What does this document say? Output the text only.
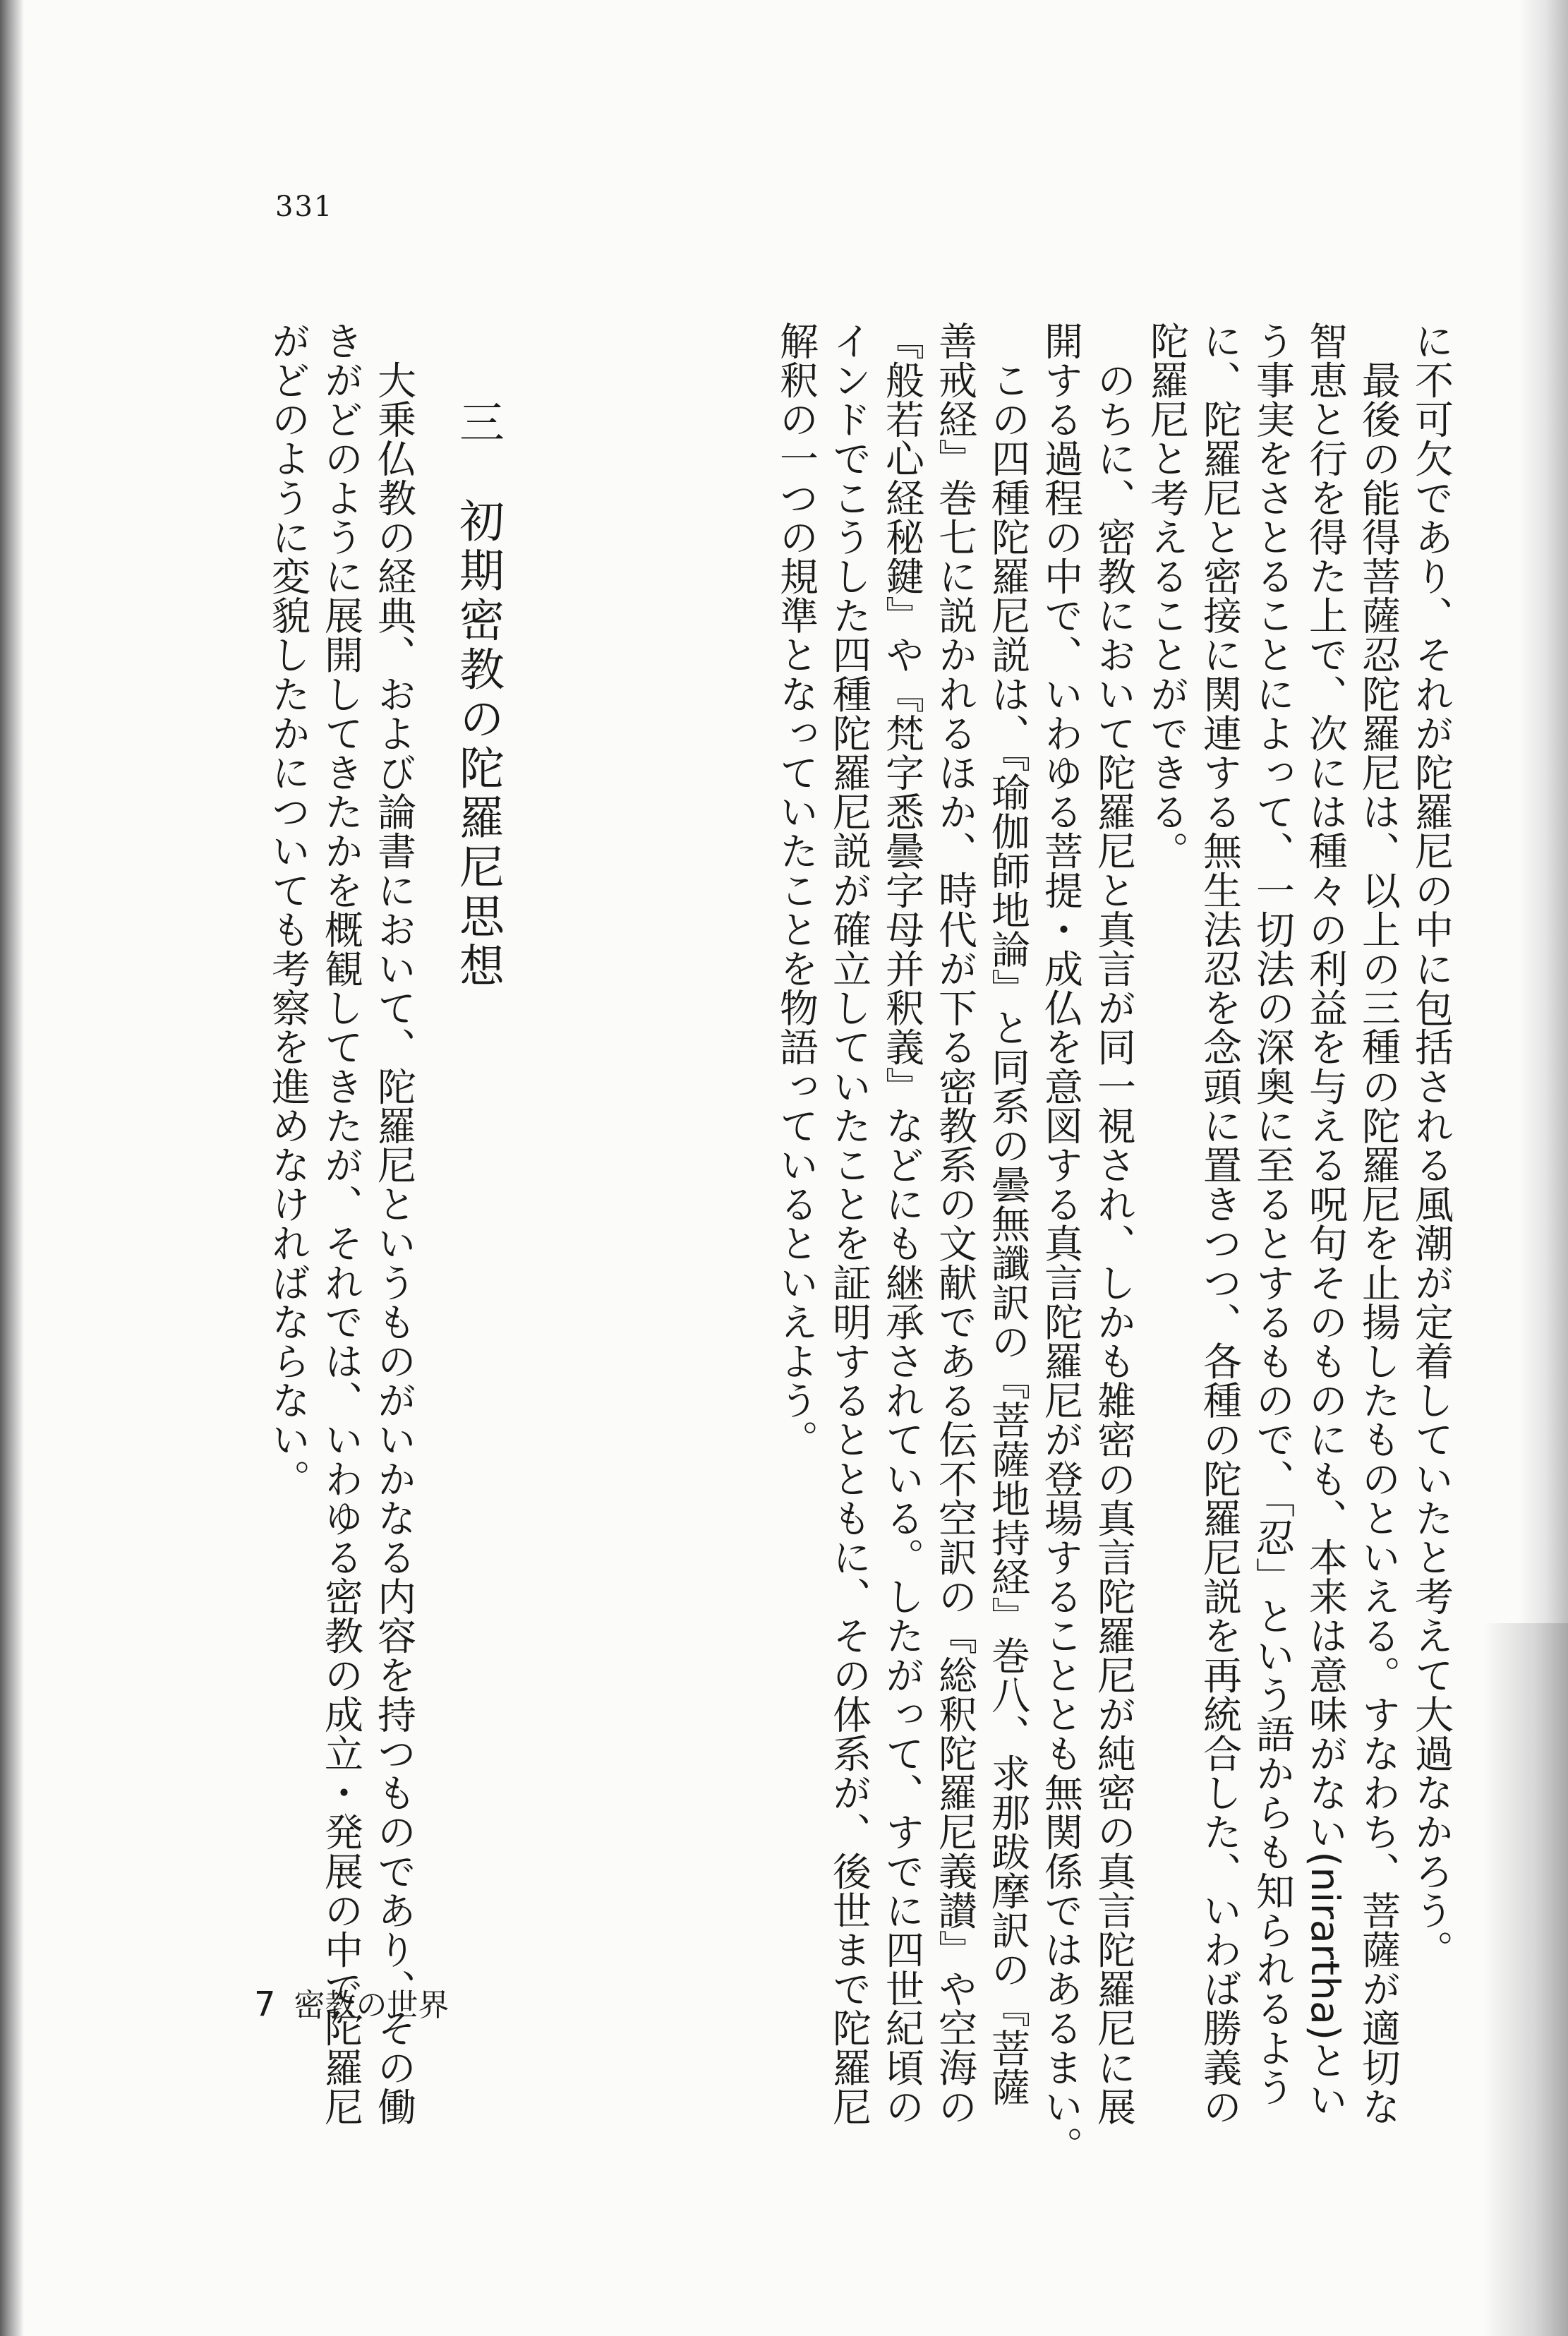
331
に不可欠であり、それが陀羅尼の中に包括される風潮が定着していたと考えて大過なかろう。
　最後の能得菩薩忍陀羅尼は、以上の三種の陀羅尼を止揚したものといえる。すなわち、菩薩が適切な
智恵と行を得た上で、次には種々の利益を与える呪句そのものにも、本来は意味がない(nirartha)とい
う事実をさとることによって、一切法の深奥に至るとするもので、「忍」という語からも知られるよう
に、陀羅尼と密接に関連する無生法忍を念頭に置きつつ、各種の陀羅尼説を再統合した、いわば勝義の
陀羅尼と考えることができる。
　のちに、密教において陀羅尼と真言が同一視され、しかも雑密の真言陀羅尼が純密の真言陀羅尼に展
開する過程の中で、いわゆる菩提・成仏を意図する真言陀羅尼が登場することとも無関係ではあるまい。
　この四種陀羅尼説は、『瑜伽師地論』と同系の曇無讖訳の『菩薩地持経』巻八、求那跋摩訳の『菩薩
善戒経』巻七に説かれるほか、時代が下る密教系の文献である伝不空訳の『総釈陀羅尼義讃』や空海の
『般若心経秘鍵』や『梵字悉曇字母并釈義』などにも継承されている。したがって、すでに四世紀頃の
インドでこうした四種陀羅尼説が確立していたことを証明するとともに、その体系が、後世まで陀羅尼
解釈の一つの規準となっていたことを物語っているといえよう。
三　初期密教の陀羅尼思想
　大乗仏教の経典、および論書において、陀羅尼というものがいかなる内容を持つものであり、その働
きがどのように展開してきたかを概観してきたが、それでは、いわゆる密教の成立・発展の中で陀羅尼
がどのように変貌したかについても考察を進めなければならない。
7 密教の世界
